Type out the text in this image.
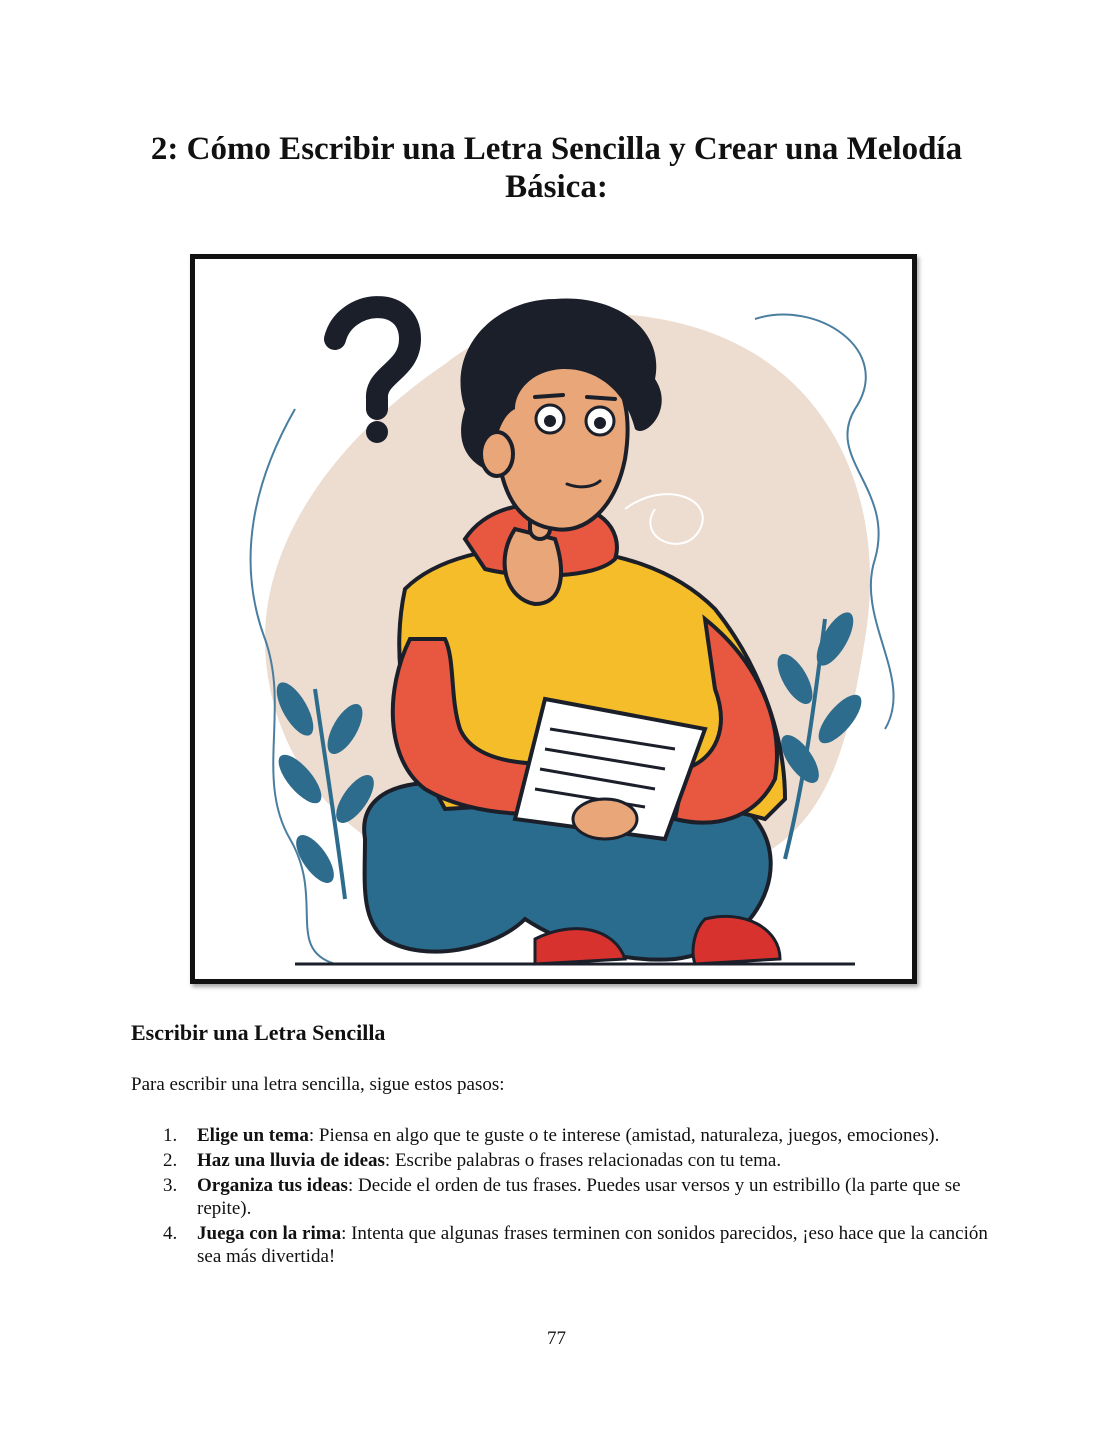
2: Cómo Escribir una Letra Sencilla y Crear una Melodía Básica:
Escribir una Letra Sencilla

Para escribir una letra sencilla, sigue estos pasos:

1. Elige un tema: Piensa en algo que te guste o te interese (amistad, naturaleza, juegos, emociones).
2. Haz una lluvia de ideas: Escribe palabras o frases relacionadas con tu tema.
3. Organiza tus ideas: Decide el orden de tus frases. Puedes usar versos y un estribillo (la parte que se repite).
4. Juega con la rima: Intenta que algunas frases terminen con sonidos parecidos, ¡eso hace que la canción sea más divertida!
77
